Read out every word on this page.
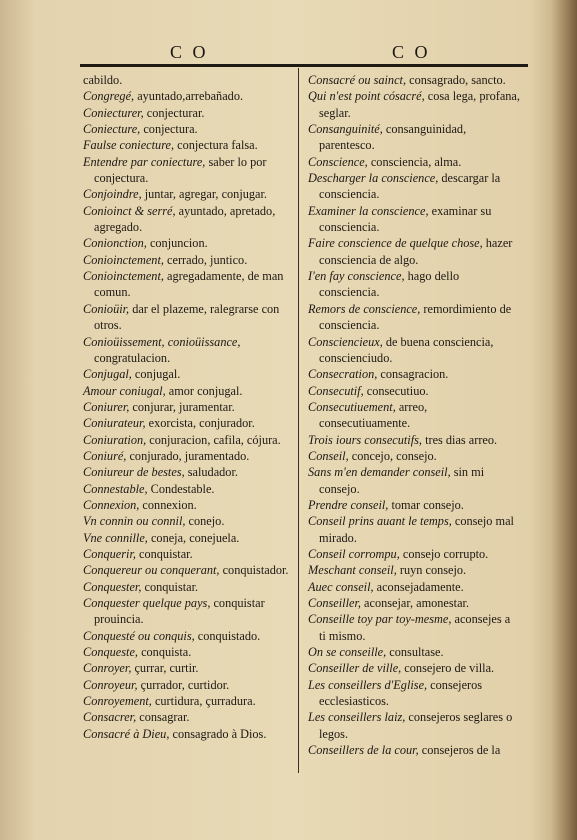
C O	C O

cabildo.

Congregé, ayuntado,arrebañado.

Coniecturer, conjecturar.

Coniecture, conjectura.

Faulse coniecture, conjectura falsa.

Entendre par coniecture, saber lo por conjectura.

Conjoindre, juntar, agregar, conjugar.

Conioinct & serré, ayuntado, apretado, agregado.

Conionction, conjuncion.

Conioinctement, cerrado, juntico.

Conioinctement, agregadamente, de man comun.

Conioüir, dar el plazeme, ralegrarse con otros.

Conioüissement, conioüissance, congratulacion.

Conjugal, conjugal.

Amour coniugal, amor conjugal.

Coniurer, conjurar, juramentar.

Coniurateur, exorcista, conjurador.

Coniuration, conjuracion, cafila, cójura.

Coniuré, conjurado, juramentado.

Coniureur de bestes, saludador.

Connestable, Condestable.

Connexion, connexion.

Vn connin ou connil, conejo.

Vne connille, coneja, conejuela.

Conquerir, conquistar.

Conquereur ou conquerant, conquistador.

Conquester, conquistar.

Conquester quelque pays, conquistar prouincia.

Conquesté ou conquis, conquistado.

Conqueste, conquista.

Conroyer, çurrar, curtir.

Conroyeur, çurrador, curtidor.

Conroyement, curtidura, çurradura.

Consacrer, consagrar.

Consacré à Dieu, consagrado à Dios.

Consacré ou sainct, consagrado, sancto.

Qui n'est point cósacré, cosa lega, profana, seglar.

Consanguinité, consanguinidad, parentesco.

Conscience, consciencia, alma.

Descharger la conscience, descargar la consciencia.

Examiner la conscience, examinar su consciencia.

Faire conscience de quelque chose, hazer consciencia de algo.

I'en fay conscience, hago dello consciencia.

Remors de conscience, remordimiento de consciencia.

Consciencieux, de buena consciencia, conscienciudo.

Consecration, consagracion.

Consecutif, consecutiuo.

Consecutiuement, arreo, consecutiuamente.

Trois iours consecutifs, tres dias arreo.

Conseil, concejo, consejo.

Sans m'en demander conseil, sin mi consejo.

Prendre conseil, tomar consejo.

Conseil prins auant le temps, consejo mal mirado.

Conseil corrompu, consejo corrupto.

Meschant conseil, ruyn consejo.

Auec conseil, aconsejadamente.

Conseiller, aconsejar, amonestar.

Conseille toy par toy-mesme, aconsejes a ti mismo.

On se conseille, consultase.

Conseiller de ville, consejero de villa.

Les conseillers d'Eglise, consejeros ecclesiasticos.

Les conseillers laiz, consejeros seglares o legos.

Conseillers de la cour, consejeros de la
